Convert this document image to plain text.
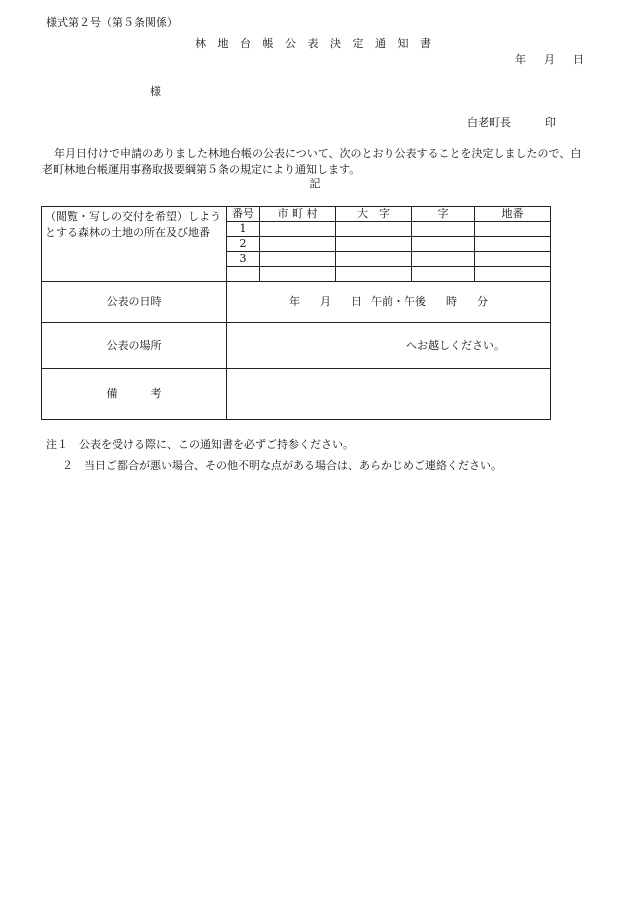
様式第２号（第５条関係）
林 地 台 帳 公 表 決 定 通 知 書
年 月 日
様
白老町長	印
年月日付けで申請のありました林地台帳の公表について、次のとおり公表することを決定しましたので、白老町林地台帳運用事務取扱要綱第５条の規定により通知します。
記
（閲覧・写しの交付を希望）しようとする森林の土地の所在及び地番	番号	市 町 村	大　字	字	地番
	1				
	2				
	3				

公表の日時	年 月 日 午前・午後 時 分				
公表の場所	へお越しください。				
備　　　考					
注１　 公表を受ける際に、この通知書を必ずご持参ください。
２　 当日ご都合が悪い場合、その他不明な点がある場合は、あらかじめご連絡ください。
